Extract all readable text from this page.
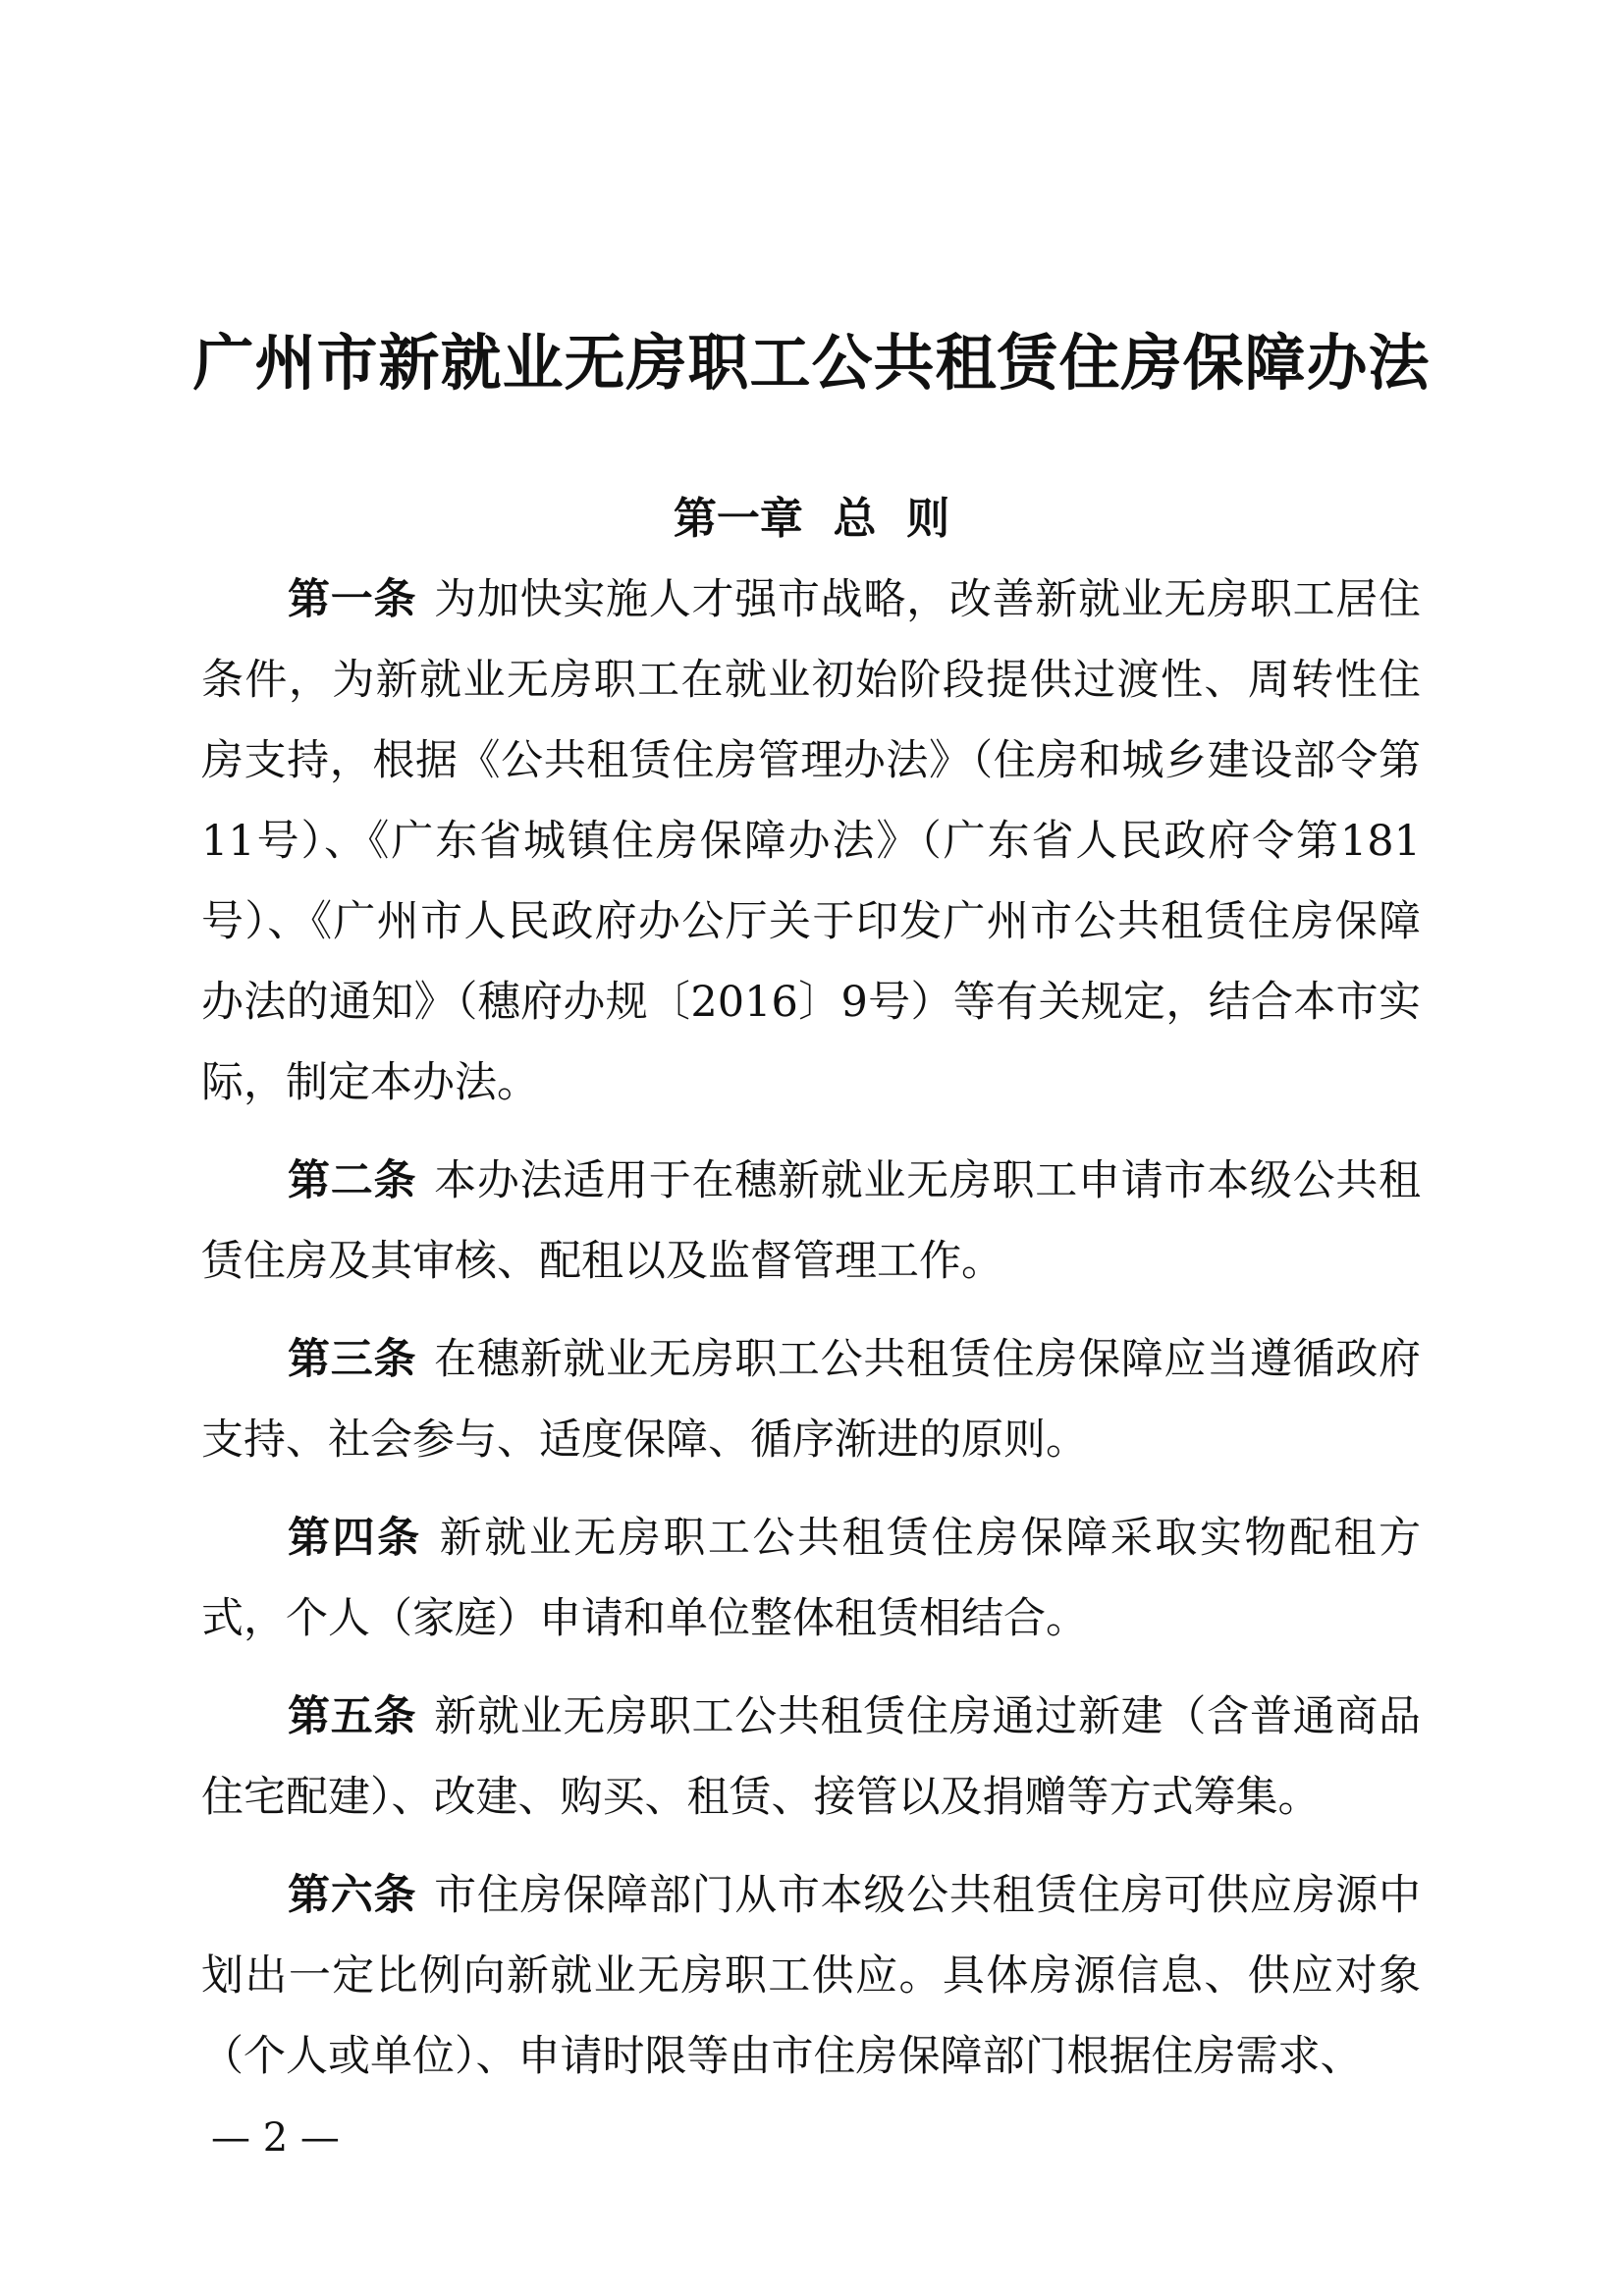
广州市新就业无房职工公共租赁住房保障办法
第一章  总  则

第一条 为加快实施人才强市战略，改善新就业无房职工居住条件，为新就业无房职工在就业初始阶段提供过渡性、周转性住房支持，根据《公共租赁住房管理办法》（住房和城乡建设部令第11号）、《广东省城镇住房保障办法》（广东省人民政府令第181号）、《广州市人民政府办公厅关于印发广州市公共租赁住房保障办法的通知》（穗府办规〔2016〕9号）等有关规定，结合本市实际，制定本办法。

第二条 本办法适用于在穗新就业无房职工申请市本级公共租赁住房及其审核、配租以及监督管理工作。

第三条 在穗新就业无房职工公共租赁住房保障应当遵循政府支持、社会参与、适度保障、循序渐进的原则。

第四条 新就业无房职工公共租赁住房保障采取实物配租方式，个人（家庭）申请和单位整体租赁相结合。

第五条 新就业无房职工公共租赁住房通过新建（含普通商品住宅配建）、改建、购买、租赁、接管以及捐赠等方式筹集。

第六条 市住房保障部门从市本级公共租赁住房可供应房源中划出一定比例向新就业无房职工供应。具体房源信息、供应对象（个人或单位）、申请时限等由市住房保障部门根据住房需求、

— 2 —
